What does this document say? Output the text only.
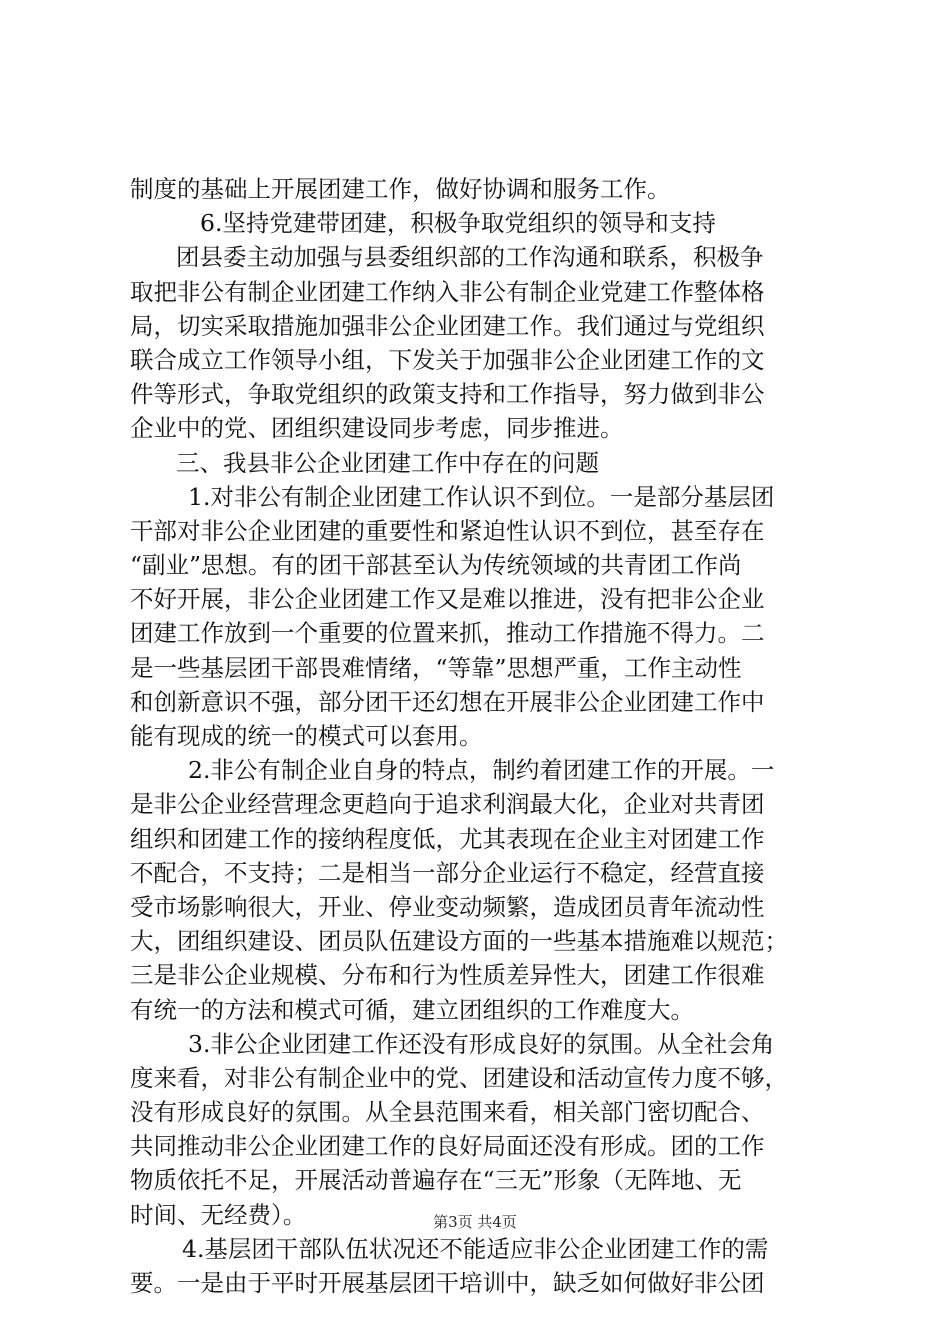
制度的基础上开展团建工作，做好协调和服务工作。
6.坚持党建带团建，积极争取党组织的领导和支持
团县委主动加强与县委组织部的工作沟通和联系，积极争
取把非公有制企业团建工作纳入非公有制企业党建工作整体格
局，切实采取措施加强非公企业团建工作。我们通过与党组织
联合成立工作领导小组，下发关于加强非公企业团建工作的文
件等形式，争取党组织的政策支持和工作指导，努力做到非公
企业中的党、团组织建设同步考虑，同步推进。
三、我县非公企业团建工作中存在的问题
1.对非公有制企业团建工作认识不到位。一是部分基层团
干部对非公企业团建的重要性和紧迫性认识不到位，甚至存在
“副业”思想。有的团干部甚至认为传统领域的共青团工作尚
不好开展，非公企业团建工作又是难以推进，没有把非公企业
团建工作放到一个重要的位置来抓，推动工作措施不得力。二
是一些基层团干部畏难情绪，“等靠”思想严重，工作主动性
和创新意识不强，部分团干还幻想在开展非公企业团建工作中
能有现成的统一的模式可以套用。
2.非公有制企业自身的特点，制约着团建工作的开展。一
是非公企业经营理念更趋向于追求利润最大化，企业对共青团
组织和团建工作的接纳程度低，尤其表现在企业主对团建工作
不配合，不支持；二是相当一部分企业运行不稳定，经营直接
受市场影响很大，开业、停业变动频繁，造成团员青年流动性
大，团组织建设、团员队伍建设方面的一些基本措施难以规范；
三是非公企业规模、分布和行为性质差异性大，团建工作很难
有统一的方法和模式可循，建立团组织的工作难度大。
3.非公企业团建工作还没有形成良好的氛围。从全社会角
度来看，对非公有制企业中的党、团建设和活动宣传力度不够，
没有形成良好的氛围。从全县范围来看，相关部门密切配合、
共同推动非公企业团建工作的良好局面还没有形成。团的工作
物质依托不足，开展活动普遍存在“三无”形象（无阵地、无
时间、无经费）。
4.基层团干部队伍状况还不能适应非公企业团建工作的需
要。一是由于平时开展基层团干培训中，缺乏如何做好非公团
第3页 共4页
